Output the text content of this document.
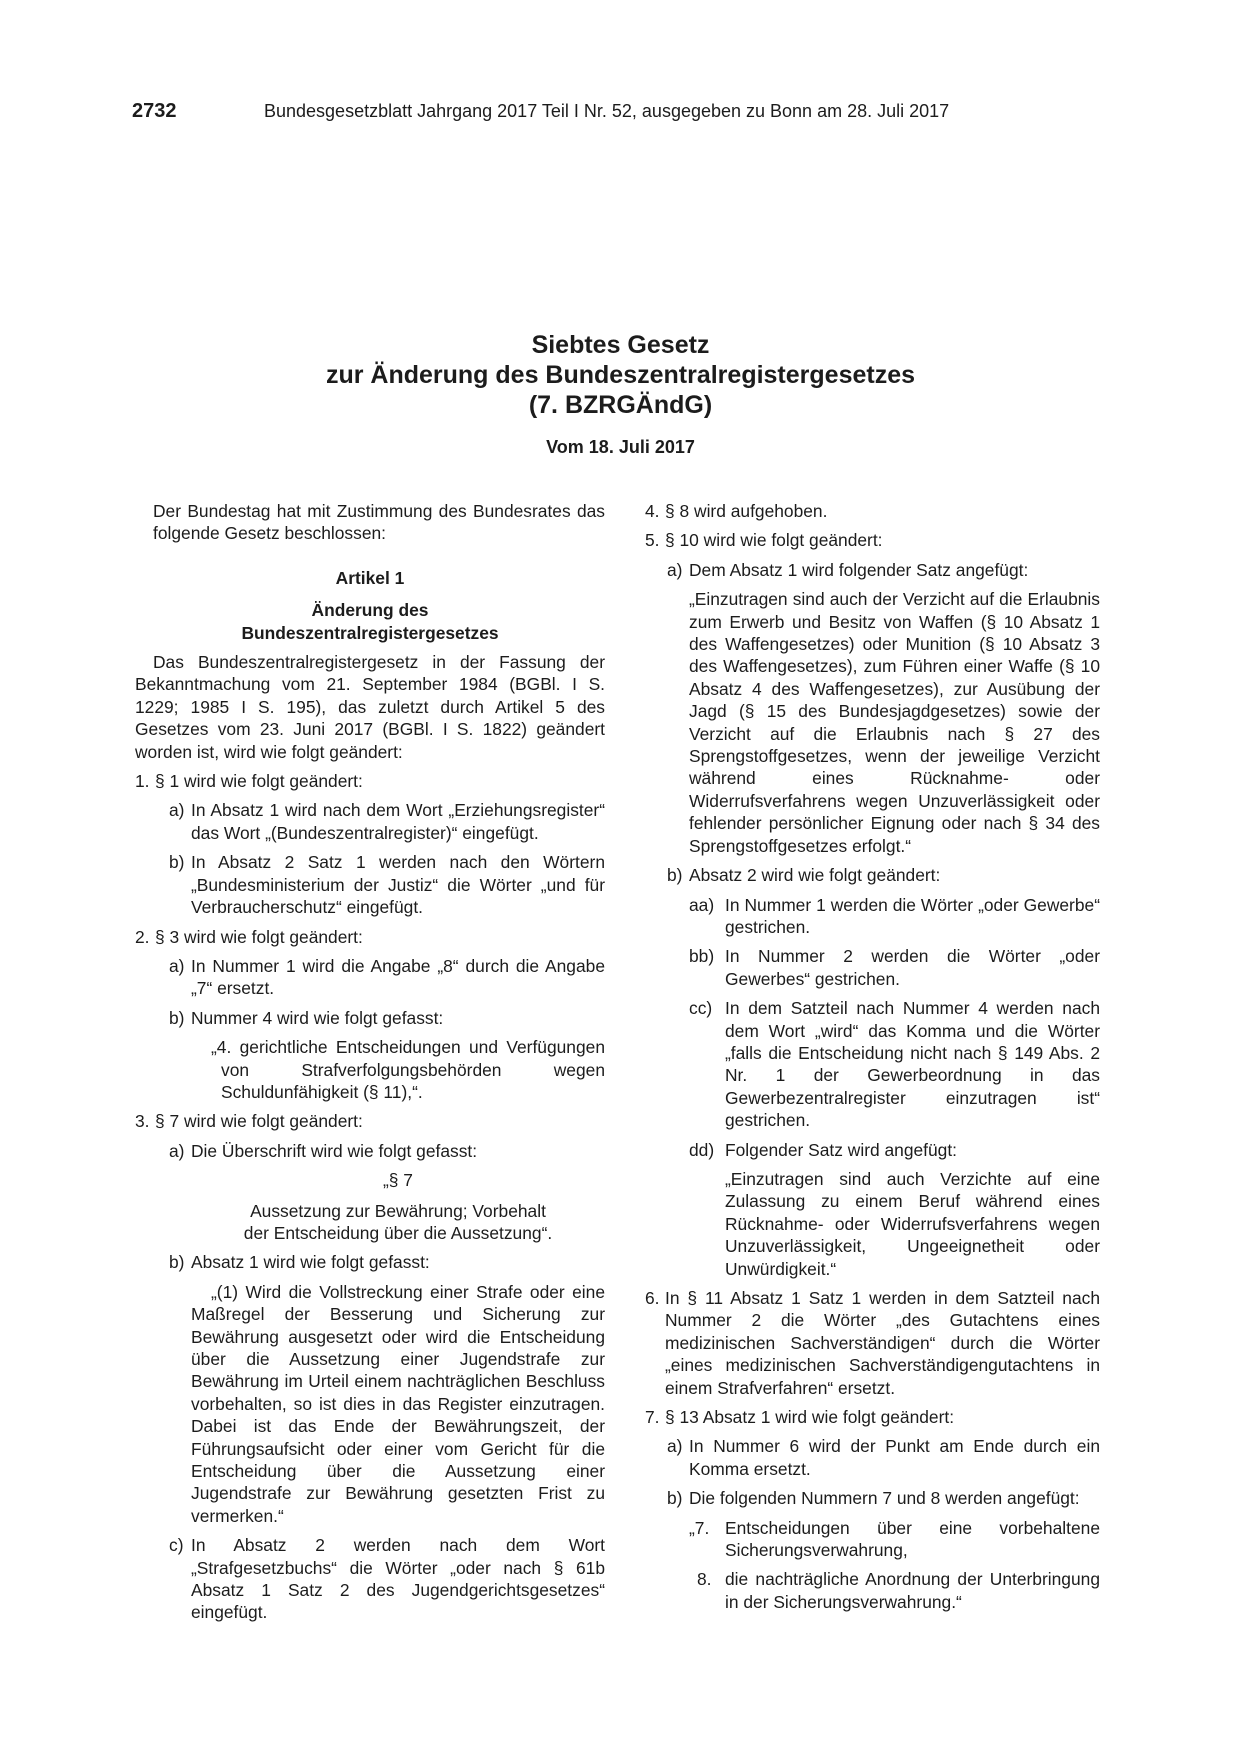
2732	Bundesgesetzblatt Jahrgang 2017 Teil I Nr. 52, ausgegeben zu Bonn am 28. Juli 2017
Siebtes Gesetz
zur Änderung des Bundeszentralregistergesetzes
(7. BZRGÄndG)
Vom 18. Juli 2017

Der Bundestag hat mit Zustimmung des Bundesrates das folgende Gesetz beschlossen:

Artikel 1

Änderung des

Bundeszentralregistergesetzes

Das Bundeszentralregistergesetz in der Fassung der Bekanntmachung vom 21. September 1984 (BGBl. I S. 1229; 1985 I S. 195), das zuletzt durch Artikel 5 des Gesetzes vom 23. Juni 2017 (BGBl. I S. 1822) geändert worden ist, wird wie folgt geändert:

1. § 1 wird wie folgt geändert:

a) In Absatz 1 wird nach dem Wort „Erziehungsregister“ das Wort „(Bundeszentralregister)“ eingefügt.

b) In Absatz 2 Satz 1 werden nach den Wörtern „Bundesministerium der Justiz“ die Wörter „und für Verbraucherschutz“ eingefügt.

2. § 3 wird wie folgt geändert:

a) In Nummer 1 wird die Angabe „8“ durch die Angabe „7“ ersetzt.

b) Nummer 4 wird wie folgt gefasst:

„4. gerichtliche Entscheidungen und Verfügungen von Strafverfolgungsbehörden wegen Schuldunfähigkeit (§ 11),“.

3. § 7 wird wie folgt geändert:

a) Die Überschrift wird wie folgt gefasst:

„§ 7

Aussetzung zur Bewährung; Vorbehalt

der Entscheidung über die Aussetzung“.

b) Absatz 1 wird wie folgt gefasst:

„(1) Wird die Vollstreckung einer Strafe oder eine Maßregel der Besserung und Sicherung zur Bewährung ausgesetzt oder wird die Entscheidung über die Aussetzung einer Jugendstrafe zur Bewährung im Urteil einem nachträglichen Beschluss vorbehalten, so ist dies in das Register einzutragen. Dabei ist das Ende der Bewährungszeit, der Führungsaufsicht oder einer vom Gericht für die Entscheidung über die Aussetzung einer Jugendstrafe zur Bewährung gesetzten Frist zu vermerken.“

c) In Absatz 2 werden nach dem Wort „Strafgesetzbuchs“ die Wörter „oder nach § 61b Absatz 1 Satz 2 des Jugendgerichtsgesetzes“ eingefügt.

4. § 8 wird aufgehoben.

5. § 10 wird wie folgt geändert:

a) Dem Absatz 1 wird folgender Satz angefügt:

„Einzutragen sind auch der Verzicht auf die Erlaubnis zum Erwerb und Besitz von Waffen (§ 10 Absatz 1 des Waffengesetzes) oder Munition (§ 10 Absatz 3 des Waffengesetzes), zum Führen einer Waffe (§ 10 Absatz 4 des Waffengesetzes), zur Ausübung der Jagd (§ 15 des Bundesjagdgesetzes) sowie der Verzicht auf die Erlaubnis nach § 27 des Sprengstoffgesetzes, wenn der jeweilige Verzicht während eines Rücknahme- oder Widerrufsverfahrens wegen Unzuverlässigkeit oder fehlender persönlicher Eignung oder nach § 34 des Sprengstoffgesetzes erfolgt.“

b) Absatz 2 wird wie folgt geändert:

aa) In Nummer 1 werden die Wörter „oder Gewerbe“ gestrichen.

bb) In Nummer 2 werden die Wörter „oder Gewerbes“ gestrichen.

cc) In dem Satzteil nach Nummer 4 werden nach dem Wort „wird“ das Komma und die Wörter „falls die Entscheidung nicht nach § 149 Abs. 2 Nr. 1 der Gewerbeordnung in das Gewerbezentralregister einzutragen ist“ gestrichen.

dd) Folgender Satz wird angefügt:

„Einzutragen sind auch Verzichte auf eine Zulassung zu einem Beruf während eines Rücknahme- oder Widerrufsverfahrens wegen Unzuverlässigkeit, Ungeeignetheit oder Unwürdigkeit.“

6. In § 11 Absatz 1 Satz 1 werden in dem Satzteil nach Nummer 2 die Wörter „des Gutachtens eines medizinischen Sachverständigen“ durch die Wörter „eines medizinischen Sachverständigengutachtens in einem Strafverfahren“ ersetzt.

7. § 13 Absatz 1 wird wie folgt geändert:

a) In Nummer 6 wird der Punkt am Ende durch ein Komma ersetzt.

b) Die folgenden Nummern 7 und 8 werden angefügt:

„7. Entscheidungen über eine vorbehaltene Sicherungsverwahrung,

8. die nachträgliche Anordnung der Unterbringung in der Sicherungsverwahrung.“
